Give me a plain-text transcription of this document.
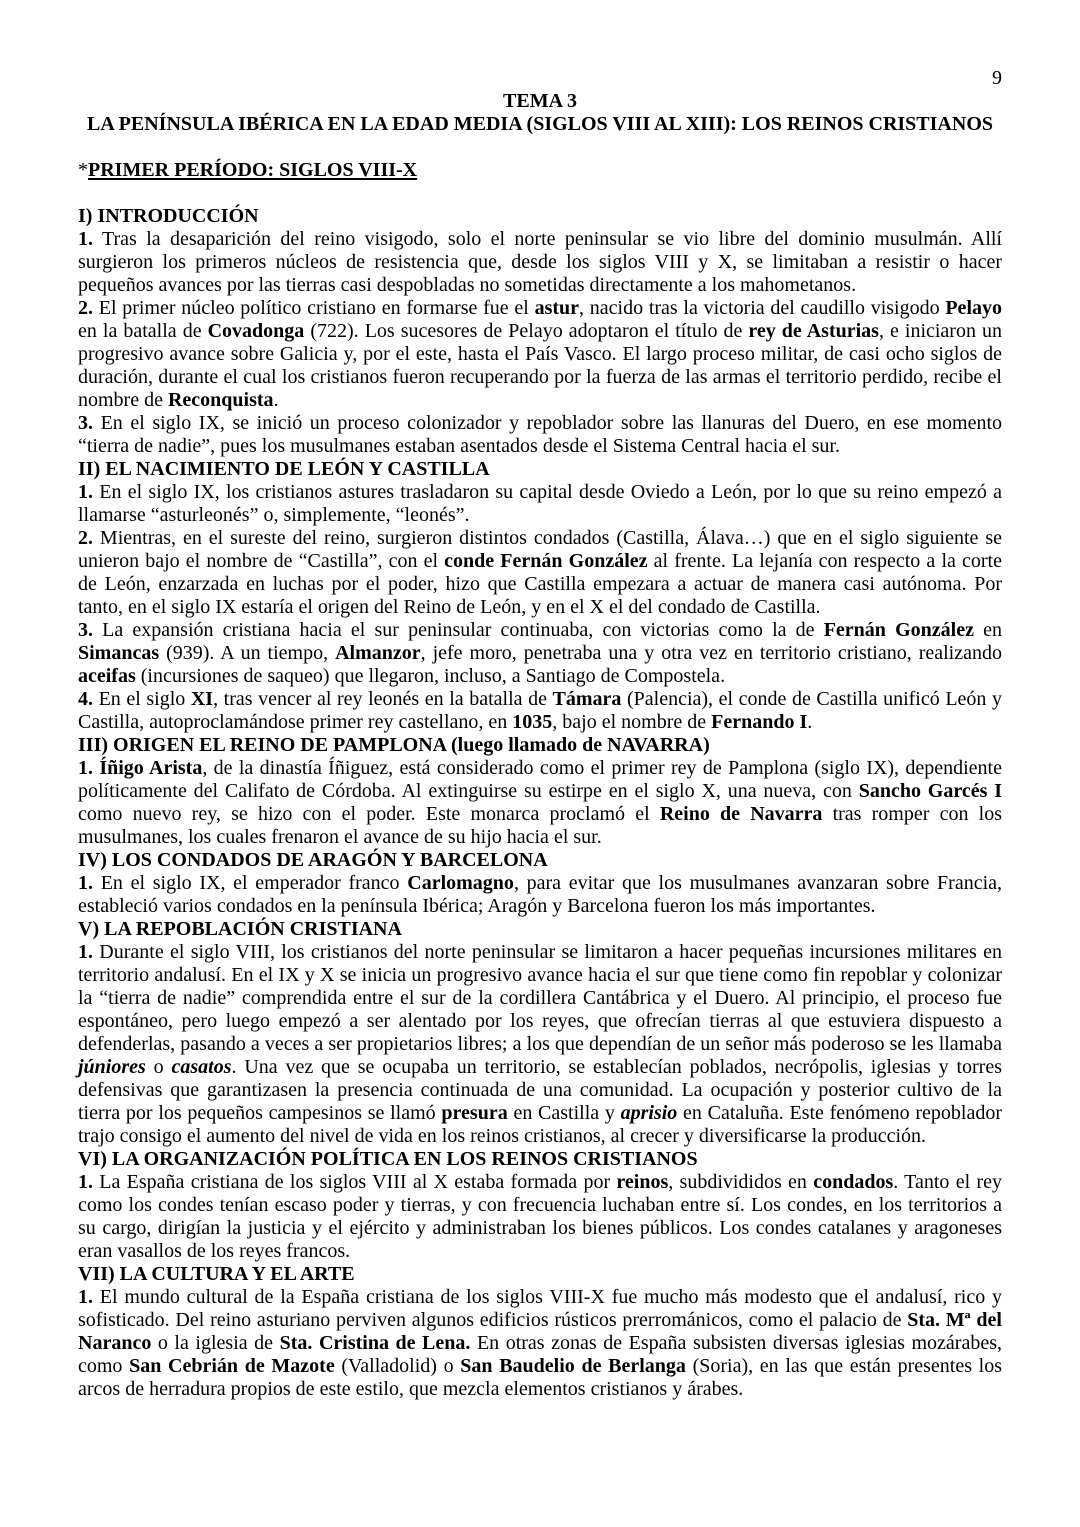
9
TEMA 3
LA PENÍNSULA IBÉRICA EN LA EDAD MEDIA (SIGLOS VIII AL XIII): LOS REINOS CRISTIANOS
*PRIMER PERÍODO: SIGLOS VIII-X
I) INTRODUCCIÓN

1. Tras la desaparición del reino visigodo, solo el norte peninsular se vio libre del dominio musulmán. Allí surgieron los primeros núcleos de resistencia que, desde los siglos VIII y X, se limitaban a resistir o hacer pequeños avances por las tierras casi despobladas no sometidas directamente a los mahometanos.

2. El primer núcleo político cristiano en formarse fue el astur, nacido tras la victoria del caudillo visigodo Pelayo en la batalla de Covadonga (722). Los sucesores de Pelayo adoptaron el título de rey de Asturias, e iniciaron un progresivo avance sobre Galicia y, por el este, hasta el País Vasco. El largo proceso militar, de casi ocho siglos de duración, durante el cual los cristianos fueron recuperando por la fuerza de las armas el territorio perdido, recibe el nombre de Reconquista.

3. En el siglo IX, se inició un proceso colonizador y repoblador sobre las llanuras del Duero, en ese momento “tierra de nadie”, pues los musulmanes estaban asentados desde el Sistema Central hacia el sur.

II) EL NACIMIENTO DE LEÓN Y CASTILLA

1. En el siglo IX, los cristianos astures trasladaron su capital desde Oviedo a León, por lo que su reino empezó a llamarse “asturleonés” o, simplemente, “leonés”.

2. Mientras, en el sureste del reino, surgieron distintos condados (Castilla, Álava…) que en el siglo siguiente se unieron bajo el nombre de “Castilla”, con el conde Fernán González al frente. La lejanía con respecto a la corte de León, enzarzada en luchas por el poder, hizo que Castilla empezara a actuar de manera casi autónoma. Por tanto, en el siglo IX estaría el origen del Reino de León, y en el X el del condado de Castilla.

3. La expansión cristiana hacia el sur peninsular continuaba, con victorias como la de Fernán González en Simancas (939). A un tiempo, Almanzor, jefe moro, penetraba una y otra vez en territorio cristiano, realizando aceifas (incursiones de saqueo) que llegaron, incluso, a Santiago de Compostela.

4. En el siglo XI, tras vencer al rey leonés en la batalla de Támara (Palencia), el conde de Castilla unificó León y Castilla, autoproclamándose primer rey castellano, en 1035, bajo el nombre de Fernando I.

III) ORIGEN EL REINO DE PAMPLONA (luego llamado de NAVARRA)

1. Íñigo Arista, de la dinastía Íñiguez, está considerado como el primer rey de Pamplona (siglo IX), dependiente políticamente del Califato de Córdoba. Al extinguirse su estirpe en el siglo X, una nueva, con Sancho Garcés I como nuevo rey, se hizo con el poder. Este monarca proclamó el Reino de Navarra tras romper con los musulmanes, los cuales frenaron el avance de su hijo hacia el sur.

IV) LOS CONDADOS DE ARAGÓN Y BARCELONA

1. En el siglo IX, el emperador franco Carlomagno, para evitar que los musulmanes avanzaran sobre Francia, estableció varios condados en la península Ibérica; Aragón y Barcelona fueron los más importantes.

V) LA REPOBLACIÓN CRISTIANA

1. Durante el siglo VIII, los cristianos del norte peninsular se limitaron a hacer pequeñas incursiones militares en territorio andalusí. En el IX y X se inicia un progresivo avance hacia el sur que tiene como fin repoblar y colonizar la “tierra de nadie” comprendida entre el sur de la cordillera Cantábrica y el Duero. Al principio, el proceso fue espontáneo, pero luego empezó a ser alentado por los reyes, que ofrecían tierras al que estuviera dispuesto a defenderlas, pasando a veces a ser propietarios libres; a los que dependían de un señor más poderoso se les llamaba júniores o casatos. Una vez que se ocupaba un territorio, se establecían poblados, necrópolis, iglesias y torres defensivas que garantizasen la presencia continuada de una comunidad. La ocupación y posterior cultivo de la tierra por los pequeños campesinos se llamó presura en Castilla y aprisio en Cataluña. Este fenómeno repoblador trajo consigo el aumento del nivel de vida en los reinos cristianos, al crecer y diversificarse la producción.

VI) LA ORGANIZACIÓN POLÍTICA EN LOS REINOS CRISTIANOS

1. La España cristiana de los siglos VIII al X estaba formada por reinos, subdivididos en condados. Tanto el rey como los condes tenían escaso poder y tierras, y con frecuencia luchaban entre sí. Los condes, en los territorios a su cargo, dirigían la justicia y el ejército y administraban los bienes públicos. Los condes catalanes y aragoneses eran vasallos de los reyes francos.

VII) LA CULTURA Y EL ARTE

1. El mundo cultural de la España cristiana de los siglos VIII-X fue mucho más modesto que el andalusí, rico y sofisticado. Del reino asturiano perviven algunos edificios rústicos prerrománicos, como el palacio de Sta. Mª del Naranco o la iglesia de Sta. Cristina de Lena. En otras zonas de España subsisten diversas iglesias mozárabes, como San Cebrián de Mazote (Valladolid) o San Baudelio de Berlanga (Soria), en las que están presentes los arcos de herradura propios de este estilo, que mezcla elementos cristianos y árabes.
